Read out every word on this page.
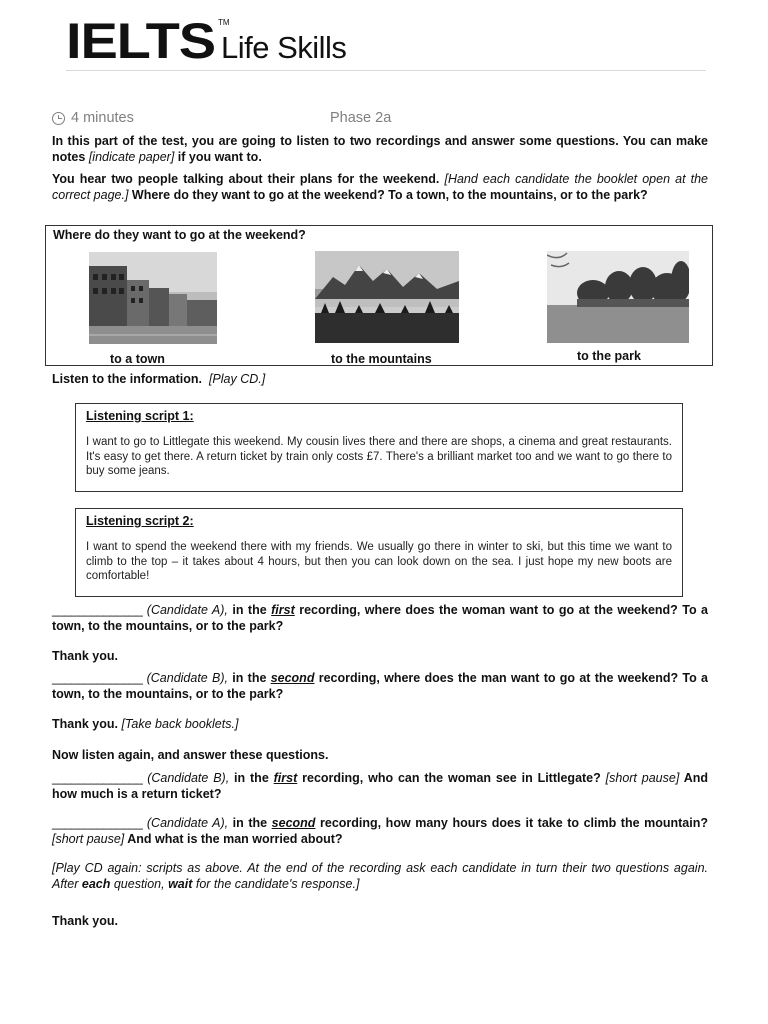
IELTS TM
Life Skills
4 minutes	Phase 2a
In this part of the test, you are going to listen to two recordings and answer some questions. You can make notes [indicate paper] if you want to.
You hear two people talking about their plans for the weekend. [Hand each candidate the booklet open at the correct page.] Where do they want to go at the weekend? To a town, to the mountains, or to the park?
Where do they want to go at the weekend?
to a town	to the mountains	to the park
Listen to the information. [Play CD.]
Listening script 1:
I want to go to Littlegate this weekend. My cousin lives there and there are shops, a cinema and great restaurants. It's easy to get there. A return ticket by train only costs £7. There's a brilliant market too and we want to go there to buy some jeans.
Listening script 2:
I want to spend the weekend there with my friends. We usually go there in winter to ski, but this time we want to climb to the top – it takes about 4 hours, but then you can look down on the sea. I just hope my new boots are comfortable!
______________ (Candidate A), in the first recording, where does the woman want to go at the weekend? To a town, to the mountains, or to the park?
Thank you.
______________ (Candidate B), in the second recording, where does the man want to go at the weekend? To a town, to the mountains, or to the park?
Thank you. [Take back booklets.]
Now listen again, and answer these questions.
______________ (Candidate B), in the first recording, who can the woman see in Littlegate? [short pause] And how much is a return ticket?
______________ (Candidate A), in the second recording, how many hours does it take to climb the mountain? [short pause] And what is the man worried about?
[Play CD again: scripts as above. At the end of the recording ask each candidate in turn their two questions again. After each question, wait for the candidate's response.]
Thank you.
